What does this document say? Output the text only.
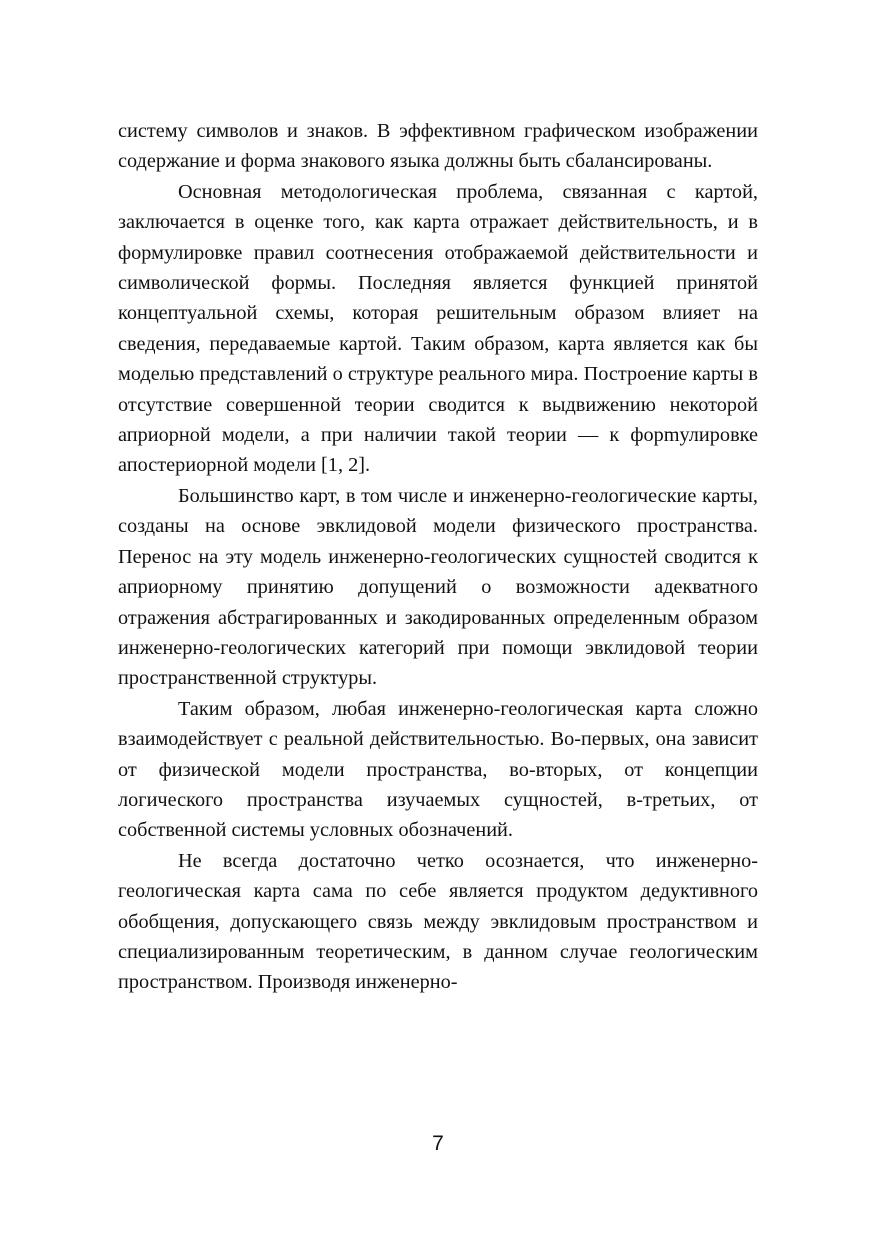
систему символов и знаков. В эффективном графическом изображении содержание и форма знакового языка должны быть сбалансированы.

Основная методологическая проблема, связанная с картой, заключается в оценке того, как карта отражает действительность, и в формулировке правил соотнесения отображаемой действительности и символической формы. Последняя является функцией принятой концептуальной схемы, которая решительным образом влияет на сведения, передаваемые картой. Таким образом, карта является как бы моделью представлений о структуре реального мира. Построение карты в отсутствие совершенной теории сводится к выдвижению некоторой априорной модели, а при наличии такой теории — к форmулировке апостериорной модели [1, 2].

Большинство карт, в том числе и инженерно-геологические карты, созданы на основе эвклидовой модели физического пространства. Перенос на эту модель инженерно-геологических сущностей сводится к априорному принятию допущений о возможности адекватного отражения абстрагированных и закодированных определенным образом инженерно-геологических категорий при помощи эвклидовой теории пространственной структуры.

Таким образом, любая инженерно-геологическая карта сложно взаимодействует с реальной действительностью. Во-первых, она зависит от физической модели пространства, во-вторых, от концепции логического пространства изучаемых сущностей, в-третьих, от собственной системы условных обозначений.

Не всегда достаточно четко осознается, что инженерно-геологическая карта сама по себе является продуктом дедуктивного обобщения, допускающего связь между эвклидовым пространством и специализированным теоретическим, в данном случае геологическим пространством. Производя инженерно-

7
